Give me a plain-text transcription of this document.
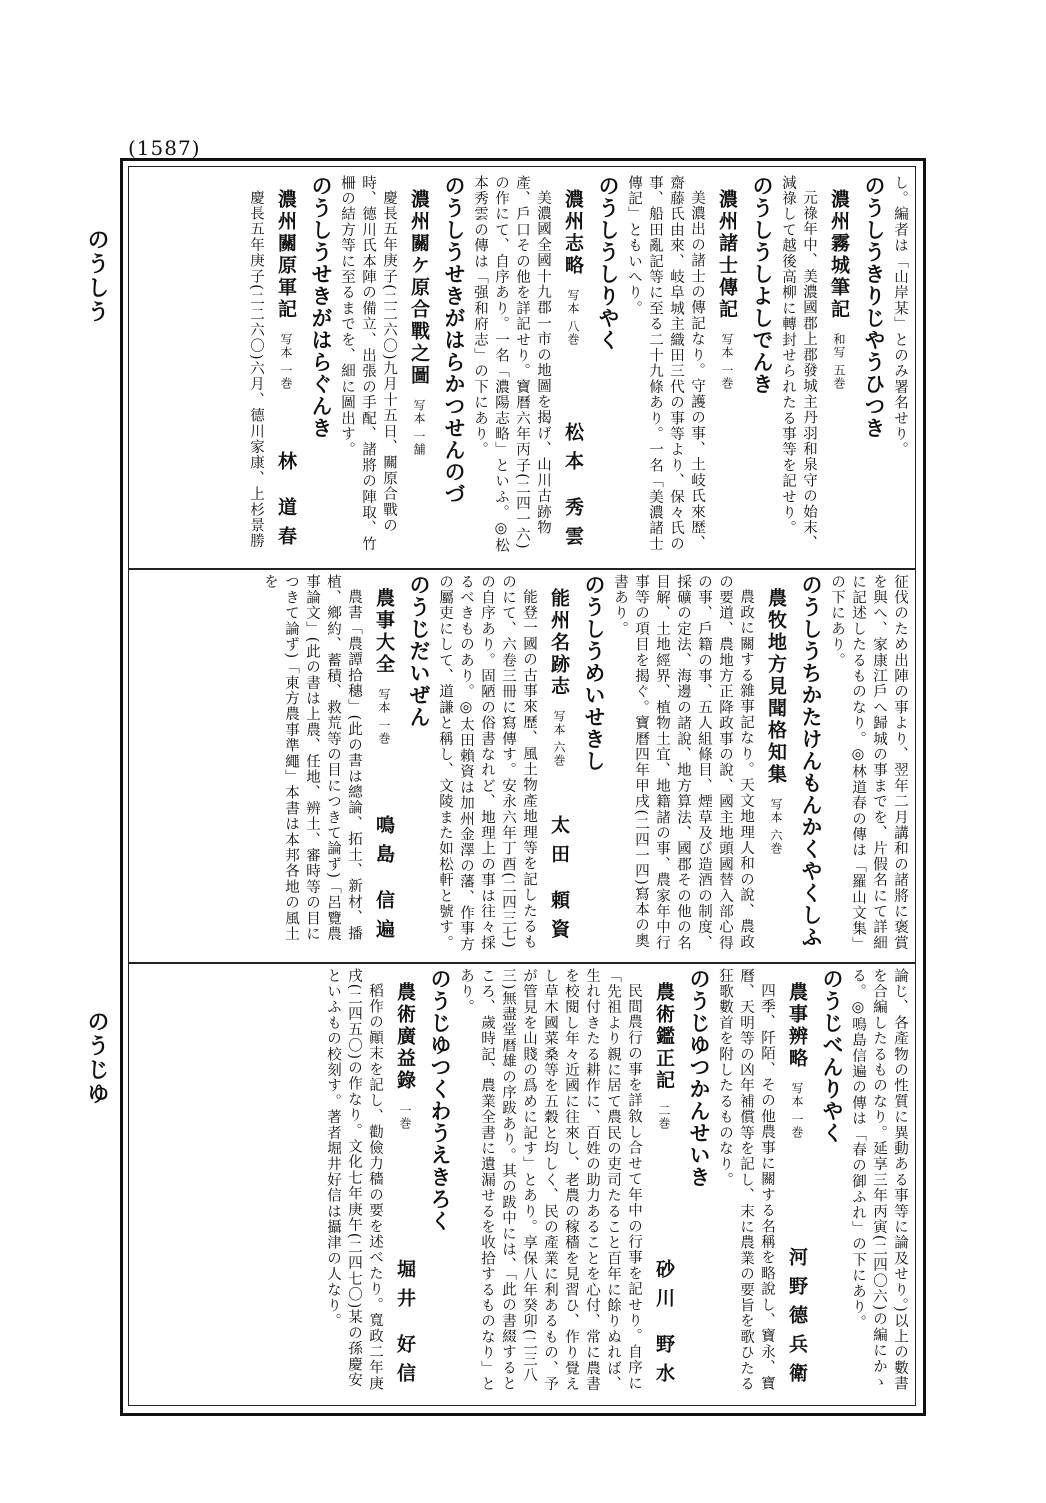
(1587)
のうしう
のうじゆ

し。編者は「山岸某」とのみ署名せり。

のうしうきりじやうひつき

濃州霧城筆記
和写 五巻

元祿年中、美濃國郡上郡發城主丹羽和泉守の始末、減祿して越後高柳に轉封せられたる事等を記せり。

のうしうしよしでんき

濃州諸士傳記
写本 一巻

美濃出の諸士の傳記なり。守護の事、土岐氏來歴、齋藤氏由來、岐阜城主織田三代の事等より、保々氏の事、船田亂記等に至る二十九條あり。一名「美濃諸士傳記」ともいへり。

のうしうしりやく

濃州志略
写本 八巻
松本 秀雲

美濃國全國十九郡一市の地圖を揭げ、山川古跡物產、戶口その他を詳記せり。寶曆六年丙子(二四一六)の作にて、自序あり。一名「濃陽志略」といふ。◎松本秀雲の傳は「强和府志」の下にあり。

のうしうせきがはらかつせんのづ

濃州關ケ原合戰之圖
写本 一舗

慶長五年庚子(二二六〇)九月十五日、關原合戰の時、德川氏本陣の備立、出張の手配、諸將の陣取、竹柵の結方等に至るまでを、細に圖出す。

のうしうせきがはらぐんき

濃州關原軍記
写本 一巻
林 道春

慶長五年庚子(二二六〇)六月、德川家康、上杉景勝

征伐のため出陣の事より、翌年二月講和の諸將に褒賞を與へ、家康江戶へ歸城の事までを、片假名にて詳細に記述したるものなり。◎林道春の傳は「羅山文集」の下にあり。

のうしうちかたけんもんかくやくしふ

農牧地方見聞格知集
写本 六巻

農政に關する雜事記なり。天文地理人和の說、農政の要道、農地方正降政事の說、國主地頭國替入部心得の事、戶籍の事、五人組條目、煙草及び造酒の制度、採礦の定法、海邊の諸說、地方算法、國郡その他の名目解、土地經界、植物土宜、地籍諸の事、農家年中行事等の項目を揭ぐ。寶曆四年甲戌(二四一四)寫本の奧書あり。

のうしうめいせきし

能州名跡志
写本 六巻
太田 頼資

能登一國の古事來歷、風土物產地理等を記したるものにて、六卷三冊に寫傳す。安永六年丁酉(二四三七)の自序あり。固陋の俗書なれど、地理上の事は往々採るべきものあり。◎太田賴資は加州金澤の藩、作事方の屬吏にして、道謙と稱し、文陵また如松軒と號す。

のうじだいぜん

農事大全
写本 一巻
鳴島 信遍

農書「農譚拾穗」(此の書は總論、拓土、新材、播植、鄉約、蓄積、救荒等の目につきて論ず)「呂覽農事論文」(此の書は上農、任地、辨土、審時等の目につきて論ず)「東方農事準繩」本書は本邦各地の風土を

論じ、各產物の性質に異動ある事等に論及せり。)以上の數書を合編したるものなり。延享三年丙寅(二四〇六)の編にかゝる。◎鳴島信遍の傳は「春の御ふれ」の下にあり。

のうじべんりやく

農事辨略
写本 一巻
河野德兵衛

四季、阡陌、その他農事に關する名稱を略說し、寶永、寶曆、天明等の凶年補償等を記し、末に農業の要旨を歌ひたる狂歌數首を附したるものなり。

のうじゆつかんせいき

農術鑑正記
二巻
砂川 野水

民間農行の事を詳敘し合せて年中の行事を記せり。自序に「先祖より親に居て農民の吏司たること百年に餘りぬれば、生れ付きたる耕作に、百姓の助力あることを心付、常に農書を校閱し年々近國に往來し、老農の稼穡を見習ひ、作り覺えし草木國菜桑等を五穀と均しく、民の產業に利あるもの、予が管見を山賤の爲めに記す」とあり。享保八年癸卯(二三八三)無盡堂暦雄の序跋あり。其の跋中には、「此の書綴するところ、歲時記、農業全書に遺漏せるを收拾するものなり」とあり。

のうじゆつくわうえきろく

農術廣益錄
一巻
堀井 好信

稻作の顚末を記し、勸儉力穡の要を述べたり。寬政二年庚戌(二四五〇)の作なり。文化七年庚午(二四七〇)某の孫慶安といふもの校刻す。著者堀井好信は攝津の人なり。
